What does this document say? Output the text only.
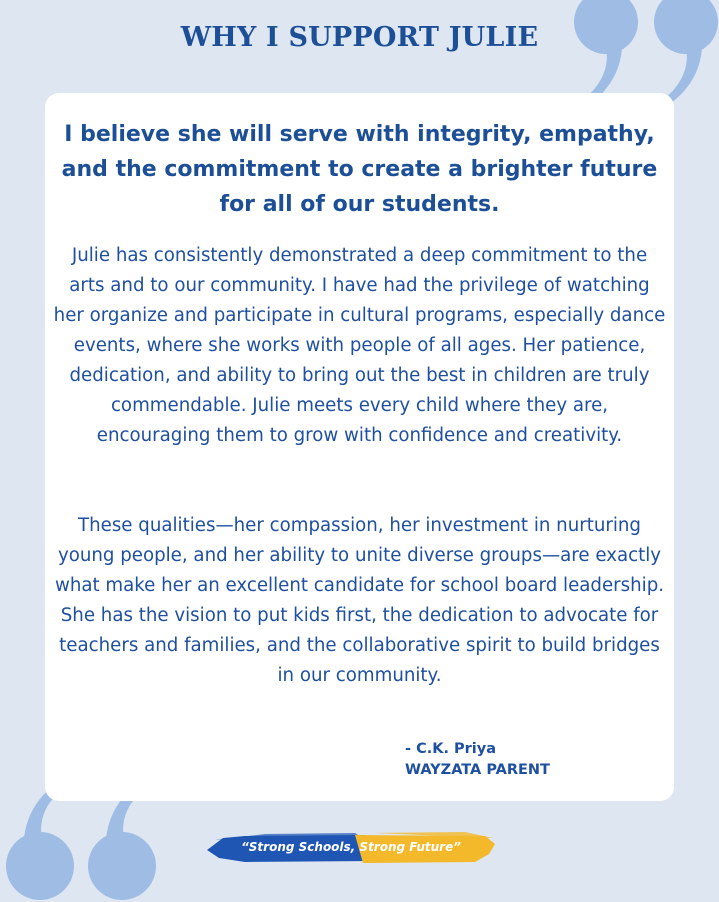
WHY I SUPPORT JULIE
I believe she will serve with integrity, empathy, and the commitment to create a brighter future for all of our students.
Julie has consistently demonstrated a deep commitment to the arts and to our community. I have had the privilege of watching her organize and participate in cultural programs, especially dance events, where she works with people of all ages. Her patience, dedication, and ability to bring out the best in children are truly commendable. Julie meets every child where they are, encouraging them to grow with confidence and creativity.
These qualities—her compassion, her investment in nurturing young people, and her ability to unite diverse groups—are exactly what make her an excellent candidate for school board leadership. She has the vision to put kids first, the dedication to advocate for teachers and families, and the collaborative spirit to build bridges in our community.
- C.K. Priya
WAYZATA PARENT
“Strong Schools, Strong Future”
